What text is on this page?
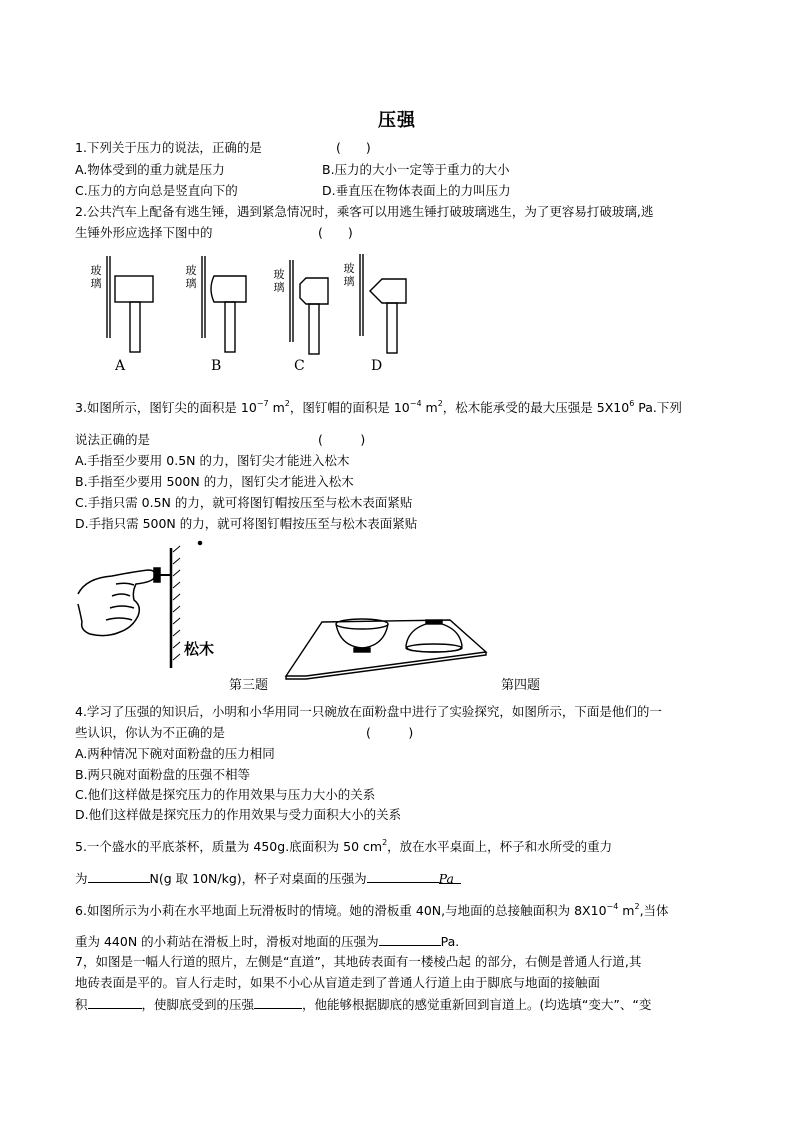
压强
1.下列关于压力的说法，正确的是	(　　)
A.物体受到的重力就是压力	B.压力的大小一定等于重力的大小
C.压力的方向总是竖直向下的	D.垂直压在物体表面上的力叫压力
2.公共汽车上配备有逃生锤，遇到紧急情况时，乘客可以用逃生锤打破玻璃逃生，为了更容易打破玻璃,逃
生锤外形应选择下图中的	(　　)
玻璃
玻璃
玻璃
玻璃
A	B	C	D
3.如图所示，图钉尖的面积是 $10^{-7}$ $m^2$，图钉帽的面积是 $10^{-4}$ $m^2$，松木能承受的最大压强是 $5X10^6$ Pa.下列
说法正确的是	(　　　)
A.手指至少要用 0.5N 的力，图钉尖才能进入松木
B.手指至少要用 500N 的力，图钉尖才能进入松木
C.手指只需 0.5N 的力，就可将图钉帽按压至与松木表面紧贴
D.手指只需 500N 的力，就可将图钉帽按压至与松木表面紧贴
松木
第三题	第四题
4.学习了压强的知识后，小明和小华用同一只碗放在面粉盘中进行了实验探究，如图所示，下面是他们的一
些认识，你认为不正确的是	(　　　)
A.两种情况下碗对面粉盘的压力相同
B.两只碗对面粉盘的压强不相等
C.他们这样做是探究压力的作用效果与压力大小的关系
D.他们这样做是探究压力的作用效果与受力面积大小的关系
5.一个盛水的平底茶杯，质量为 450g.底面积为 50 $cm^2$，放在水平桌面上，杯子和水所受的重力
为	N(g 取 10N/kg)，杯子对桌面的压强为	Pa
6.如图所示为小莉在水平地面上玩滑板时的情境。她的滑板重 40N,与地面的总接触面积为 $8X10^{-4}$ $m^2$,当体
重为 440N 的小莉站在滑板上时，滑板对地面的压强为	Pa.
7，如图是一幅人行道的照片，左侧是“直道”，其地砖表面有一楼棱凸起 的部分，右侧是普通人行道,其
地砖表面是平的。盲人行走时，如果不小心从盲道走到了普通人行道上由于脚底与地面的接触面
积	，使脚底受到的压强	，他能够根据脚底的感觉重新回到盲道上。(均选填“变大”、“变
